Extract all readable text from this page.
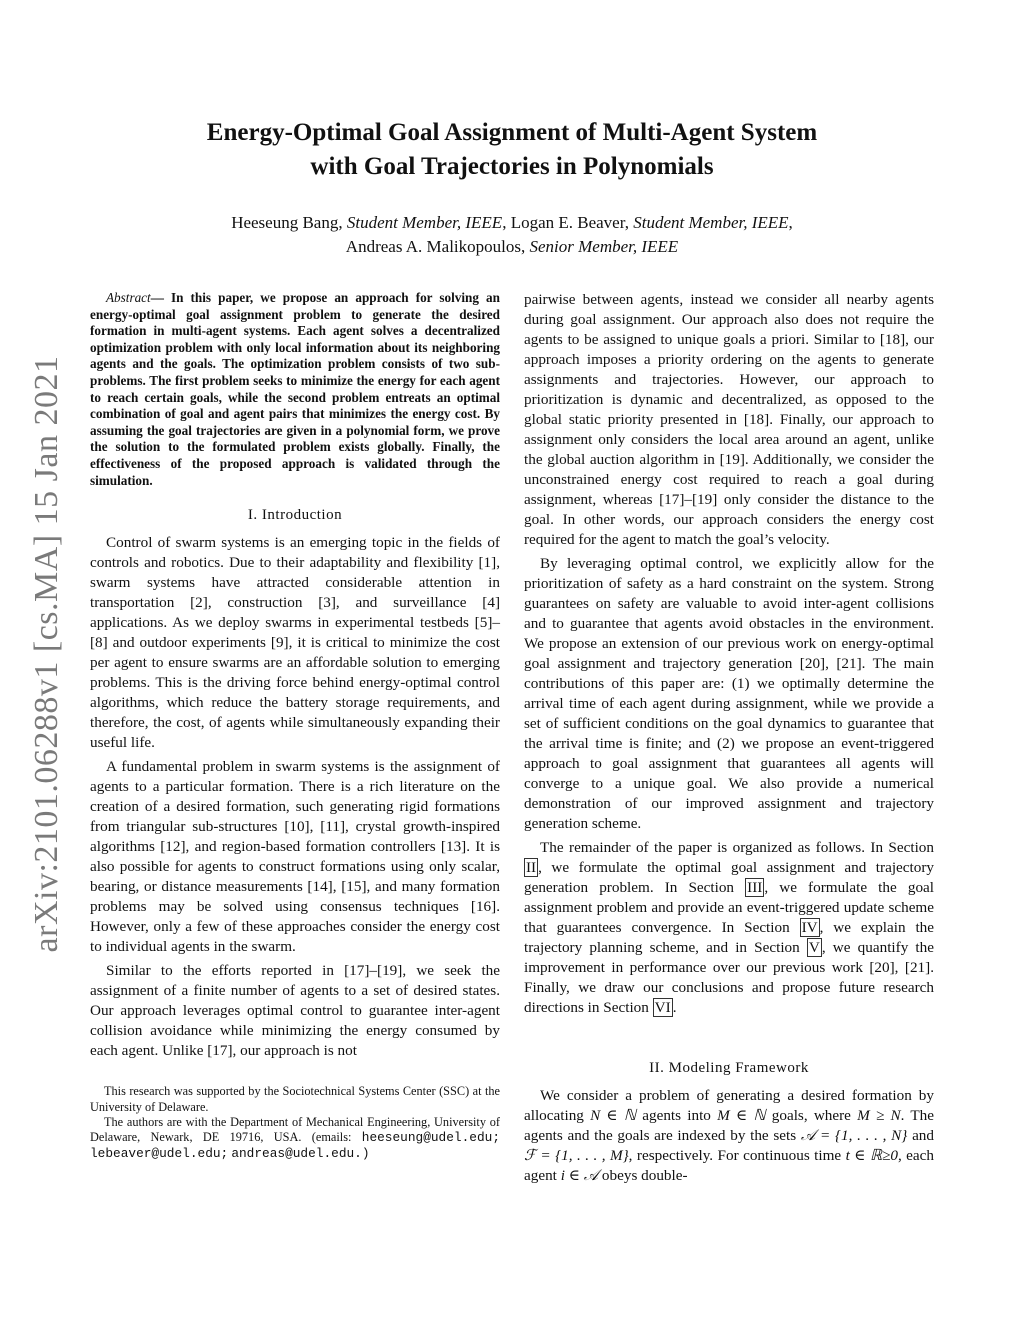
arXiv:2101.06288v1 [cs.MA] 15 Jan 2021
Energy-Optimal Goal Assignment of Multi-Agent System
with Goal Trajectories in Polynomials
Heeseung Bang, Student Member, IEEE, Logan E. Beaver, Student Member, IEEE,
Andreas A. Malikopoulos, Senior Member, IEEE

Abstract— In this paper, we propose an approach for solving an energy-optimal goal assignment problem to generate the desired formation in multi-agent systems. Each agent solves a decentralized optimization problem with only local information about its neighboring agents and the goals. The optimization problem consists of two sub-problems. The first problem seeks to minimize the energy for each agent to reach certain goals, while the second problem entreats an optimal combination of goal and agent pairs that minimizes the energy cost. By assuming the goal trajectories are given in a polynomial form, we prove the solution to the formulated problem exists globally. Finally, the effectiveness of the proposed approach is validated through the simulation.

I. Introduction

Control of swarm systems is an emerging topic in the fields of controls and robotics. Due to their adaptability and flexibility [1], swarm systems have attracted considerable attention in transportation [2], construction [3], and surveillance [4] applications. As we deploy swarms in experimental testbeds [5]–[8] and outdoor experiments [9], it is critical to minimize the cost per agent to ensure swarms are an affordable solution to emerging problems. This is the driving force behind energy-optimal control algorithms, which reduce the battery storage requirements, and therefore, the cost, of agents while simultaneously expanding their useful life.

A fundamental problem in swarm systems is the assignment of agents to a particular formation. There is a rich literature on the creation of a desired formation, such generating rigid formations from triangular sub-structures [10], [11], crystal growth-inspired algorithms [12], and region-based formation controllers [13]. It is also possible for agents to construct formations using only scalar, bearing, or distance measurements [14], [15], and many formation problems may be solved using consensus techniques [16]. However, only a few of these approaches consider the energy cost to individual agents in the swarm.

Similar to the efforts reported in [17]–[19], we seek the assignment of a finite number of agents to a set of desired states. Our approach leverages optimal control to guarantee inter-agent collision avoidance while minimizing the energy consumed by each agent. Unlike [17], our approach is not

This research was supported by the Sociotechnical Systems Center (SSC) at the University of Delaware.

The authors are with the Department of Mechanical Engineering, University of Delaware, Newark, DE 19716, USA. (emails: heeseung@udel.edu; lebeaver@udel.edu; andreas@udel.edu.)

pairwise between agents, instead we consider all nearby agents during goal assignment. Our approach also does not require the agents to be assigned to unique goals a priori. Similar to [18], our approach imposes a priority ordering on the agents to generate assignments and trajectories. However, our approach to prioritization is dynamic and decentralized, as opposed to the global static priority presented in [18]. Finally, our approach to assignment only considers the local area around an agent, unlike the global auction algorithm in [19]. Additionally, we consider the unconstrained energy cost required to reach a goal during assignment, whereas [17]–[19] only consider the distance to the goal. In other words, our approach considers the energy cost required for the agent to match the goal’s velocity.

By leveraging optimal control, we explicitly allow for the prioritization of safety as a hard constraint on the system. Strong guarantees on safety are valuable to avoid inter-agent collisions and to guarantee that agents avoid obstacles in the environment. We propose an extension of our previous work on energy-optimal goal assignment and trajectory generation [20], [21]. The main contributions of this paper are: (1) we optimally determine the arrival time of each agent during assignment, while we provide a set of sufficient conditions on the goal dynamics to guarantee that the arrival time is finite; and (2) we propose an event-triggered approach to goal assignment that guarantees all agents will converge to a unique goal. We also provide a numerical demonstration of our improved assignment and trajectory generation scheme.

The remainder of the paper is organized as follows. In Section II , we formulate the optimal goal assignment and trajectory generation problem. In Section III , we formulate the goal assignment problem and provide an event-triggered update scheme that guarantees convergence. In Section IV , we explain the trajectory planning scheme, and in Section V , we quantify the improvement in performance over our previous work [20], [21]. Finally, we draw our conclusions and propose future research directions in Section VI .

II. Modeling Framework

We consider a problem of generating a desired formation by allocating N ∈ ℕ agents into M ∈ ℕ goals, where M ≥ N. The agents and the goals are indexed by the sets 𝒜 = {1, . . . , N} and ℱ = {1, . . . , M}, respectively. For continuous time t ∈ ℝ≥0, each agent i ∈ 𝒜 obeys double-
